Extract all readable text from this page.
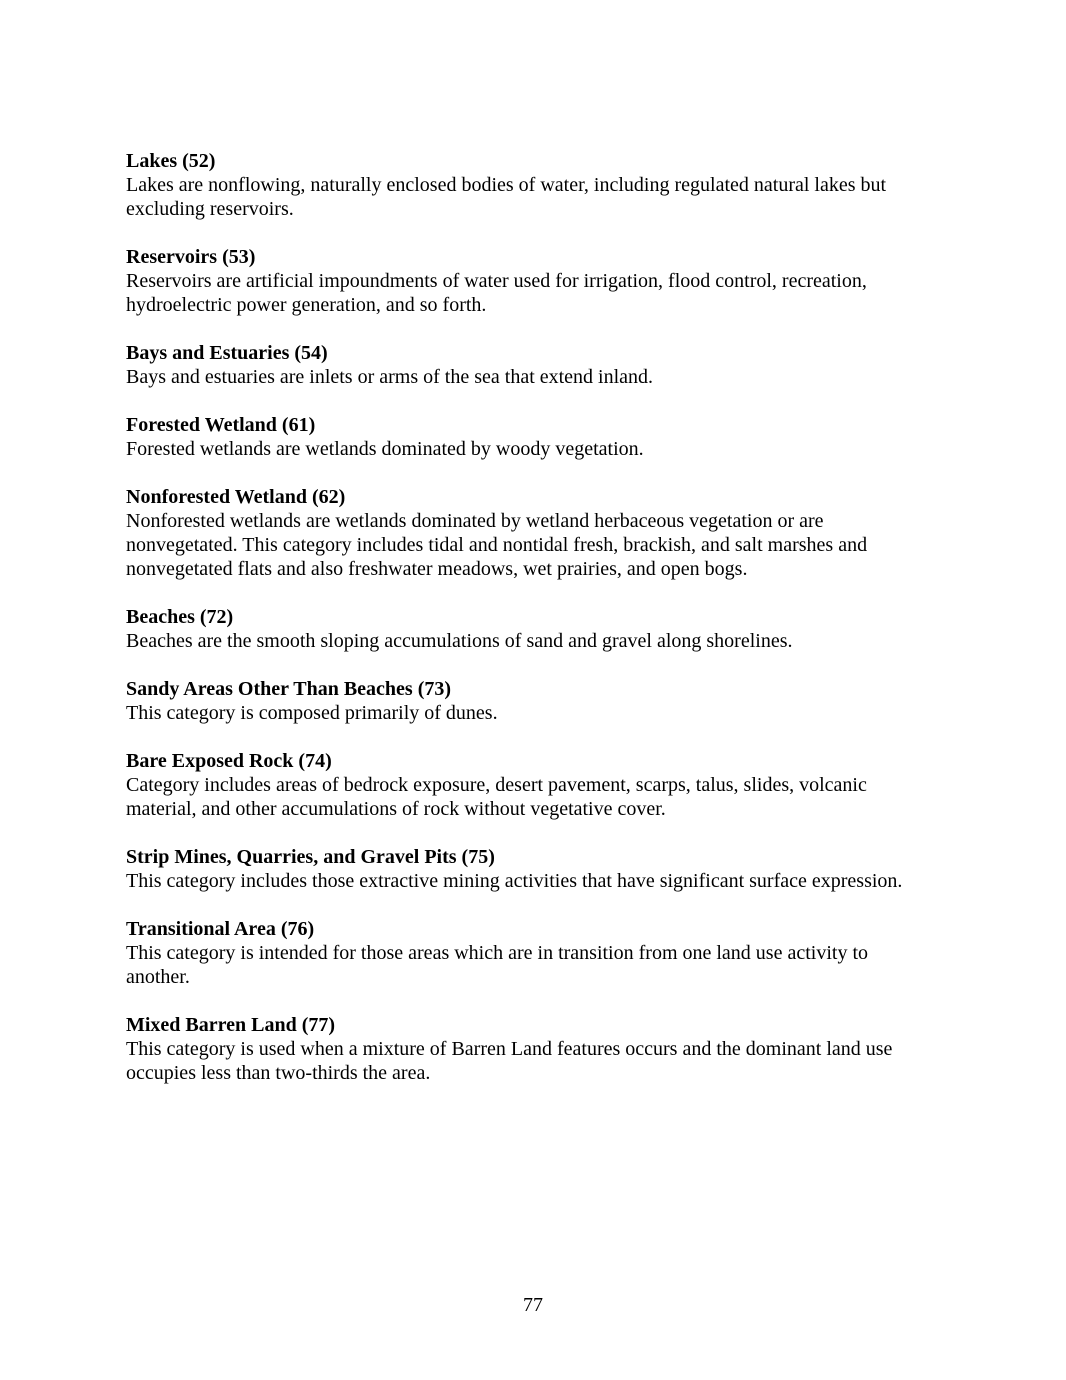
Lakes (52)

Lakes are nonflowing, naturally enclosed bodies of water, including regulated natural lakes but
excluding reservoirs.

Reservoirs (53)

Reservoirs are artificial impoundments of water used for irrigation, flood control, recreation,
hydroelectric power generation, and so forth.

Bays and Estuaries (54)

Bays and estuaries are inlets or arms of the sea that extend inland.

Forested Wetland (61)

Forested wetlands are wetlands dominated by woody vegetation.

Nonforested Wetland (62)

Nonforested wetlands are wetlands dominated by wetland herbaceous vegetation or are
nonvegetated. This category includes tidal and nontidal fresh, brackish, and salt marshes and
nonvegetated flats and also freshwater meadows, wet prairies, and open bogs.

Beaches (72)

Beaches are the smooth sloping accumulations of sand and gravel along shorelines.

Sandy Areas Other Than Beaches (73)

This category is composed primarily of dunes.

Bare Exposed Rock (74)

Category includes areas of bedrock exposure, desert pavement, scarps, talus, slides, volcanic
material, and other accumulations of rock without vegetative cover.

Strip Mines, Quarries, and Gravel Pits (75)

This category includes those extractive mining activities that have significant surface expression.

Transitional Area (76)

This category is intended for those areas which are in transition from one land use activity to
another.

Mixed Barren Land (77)

This category is used when a mixture of Barren Land features occurs and the dominant land use
occupies less than two-thirds the area.

77
